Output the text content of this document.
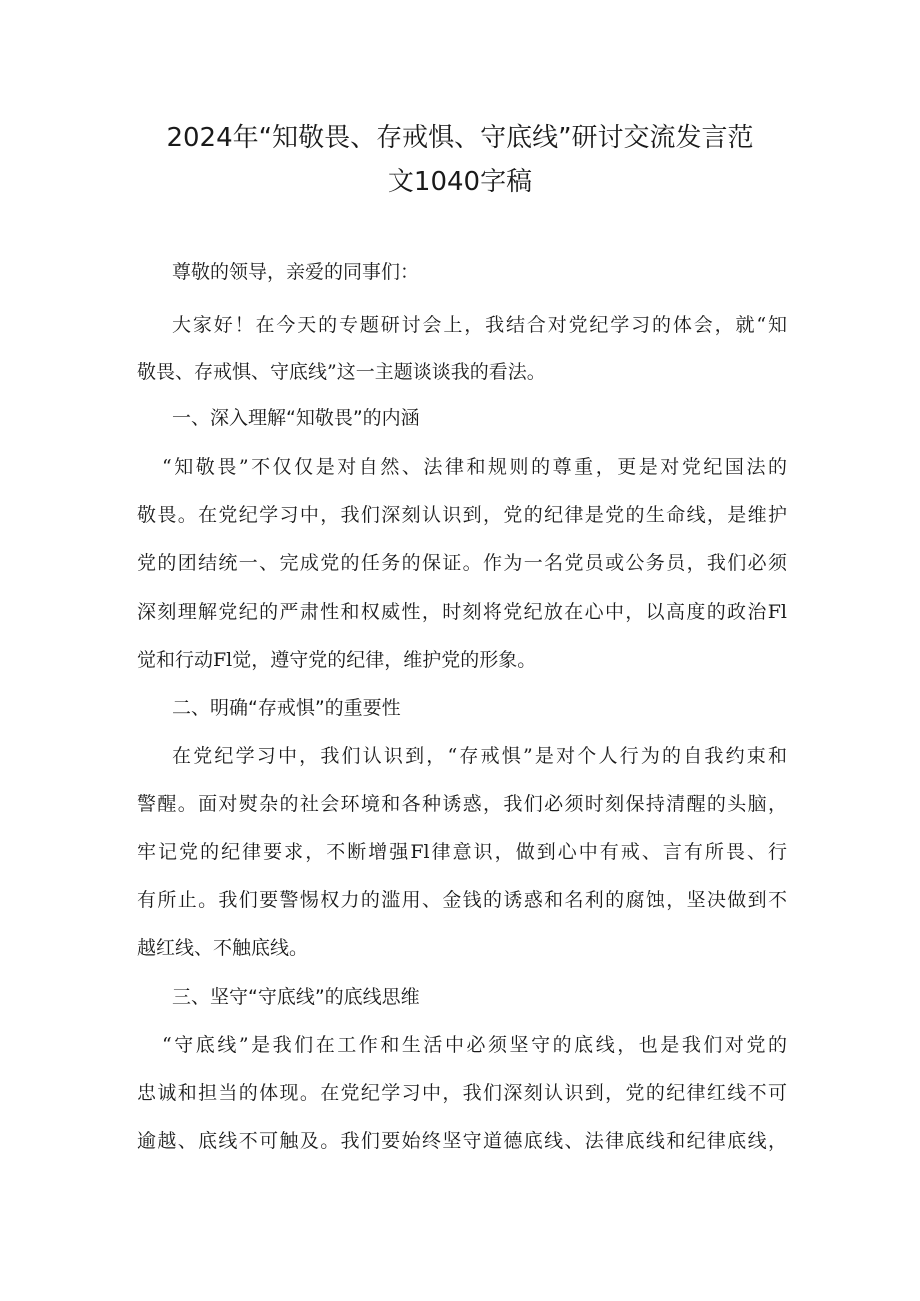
2024年“知敬畏、存戒惧、守底线”研讨交流发言范
文1040字稿

尊敬的领导，亲爱的同事们：

大家好！在今天的专题研讨会上，我结合对党纪学习的体会，就“知

敬畏、存戒惧、守底线”这一主题谈谈我的看法。

一、深入理解“知敬畏”的内涵

“知敬畏”不仅仅是对自然、法律和规则的尊重，更是对党纪国法的

敬畏。在党纪学习中，我们深刻认识到，党的纪律是党的生命线，是维护

党的团结统一、完成党的任务的保证。作为一名党员或公务员，我们必须

深刻理解党纪的严肃性和权威性，时刻将党纪放在心中，以高度的政治Fl

觉和行动Fl觉，遵守党的纪律，维护党的形象。

二、明确“存戒惧”的重要性

在党纪学习中，我们认识到，“存戒惧”是对个人行为的自我约束和

警醒。面对熨杂的社会环境和各种诱惑，我们必须时刻保持清醒的头脑，

牢记党的纪律要求，不断增强Fl律意识，做到心中有戒、言有所畏、行

有所止。我们要警惕权力的滥用、金钱的诱惑和名利的腐蚀，坚决做到不

越红线、不触底线。

三、坚守“守底线”的底线思维

“守底线”是我们在工作和生活中必须坚守的底线，也是我们对党的

忠诚和担当的体现。在党纪学习中，我们深刻认识到，党的纪律红线不可

逾越、底线不可触及。我们要始终坚守道德底线、法律底线和纪律底线，
